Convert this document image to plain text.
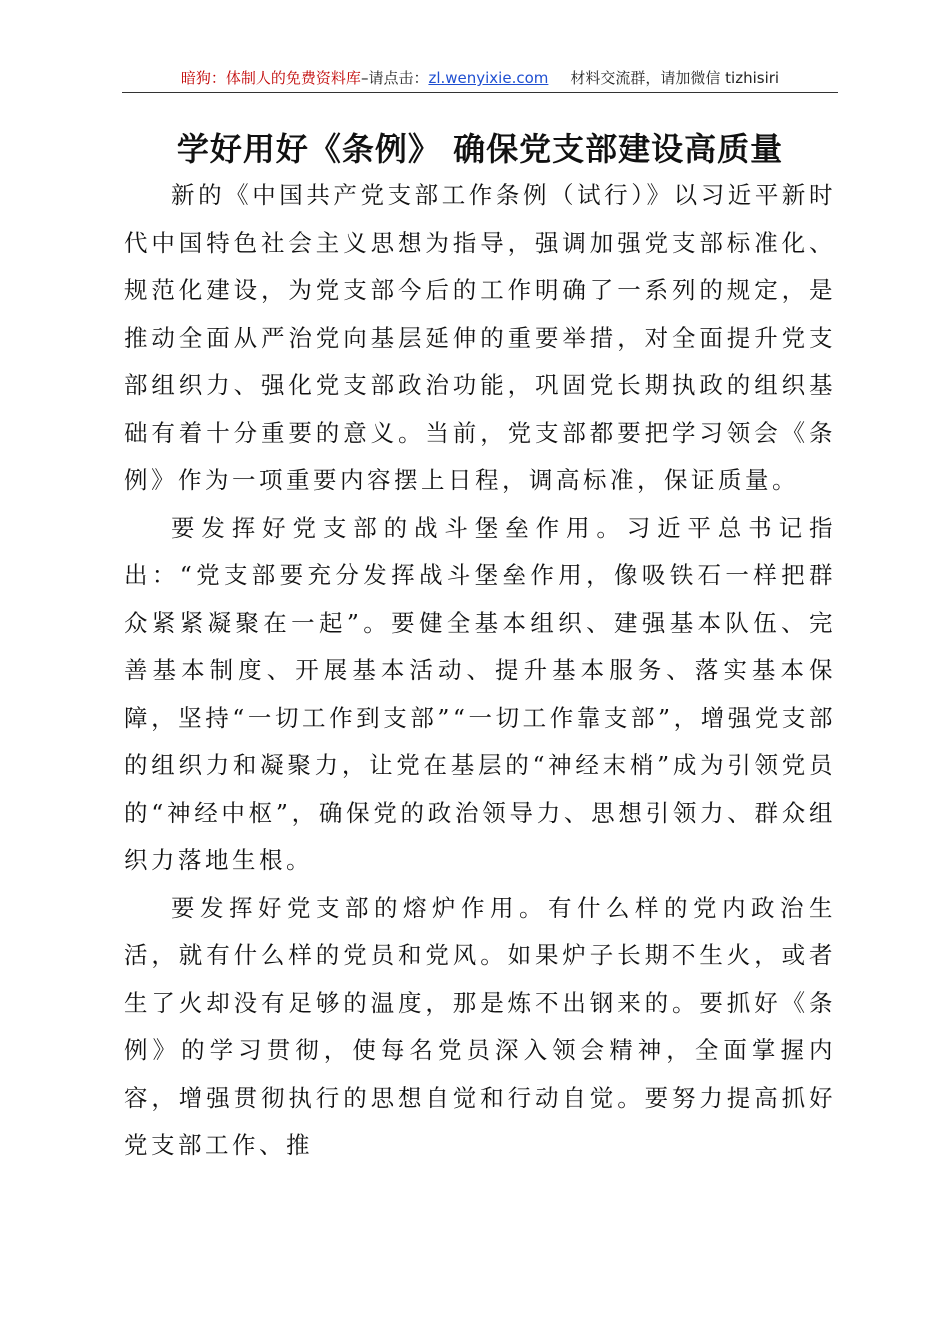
暗狗：体制人的免费资料库–请点击：zl.wenyixie.com 材料交流群，请加微信 tizhisiri
学好用好《条例》 确保党支部建设高质量

新的《中国共产党支部工作条例（试行）》以习近平新时代中国特色社会主义思想为指导，强调加强党支部标准化、规范化建设，为党支部今后的工作明确了一系列的规定，是推动全面从严治党向基层延伸的重要举措，对全面提升党支部组织力、强化党支部政治功能，巩固党长期执政的组织基础有着十分重要的意义。当前，党支部都要把学习领会《条例》作为一项重要内容摆上日程，调高标准，保证质量。

要发挥好党支部的战斗堡垒作用。习近平总书记指出：“党支部要充分发挥战斗堡垒作用，像吸铁石一样把群众紧紧凝聚在一起”。要健全基本组织、建强基本队伍、完善基本制度、开展基本活动、提升基本服务、落实基本保障，坚持“一切工作到支部”“一切工作靠支部”，增强党支部的组织力和凝聚力，让党在基层的“神经末梢”成为引领党员的“神经中枢”，确保党的政治领导力、思想引领力、群众组织力落地生根。

要发挥好党支部的熔炉作用。有什么样的党内政治生活，就有什么样的党员和党风。如果炉子长期不生火，或者生了火却没有足够的温度，那是炼不出钢来的。要抓好《条例》的学习贯彻，使每名党员深入领会精神，全面掌握内容，增强贯彻执行的思想自觉和行动自觉。要努力提高抓好党支部工作、推
